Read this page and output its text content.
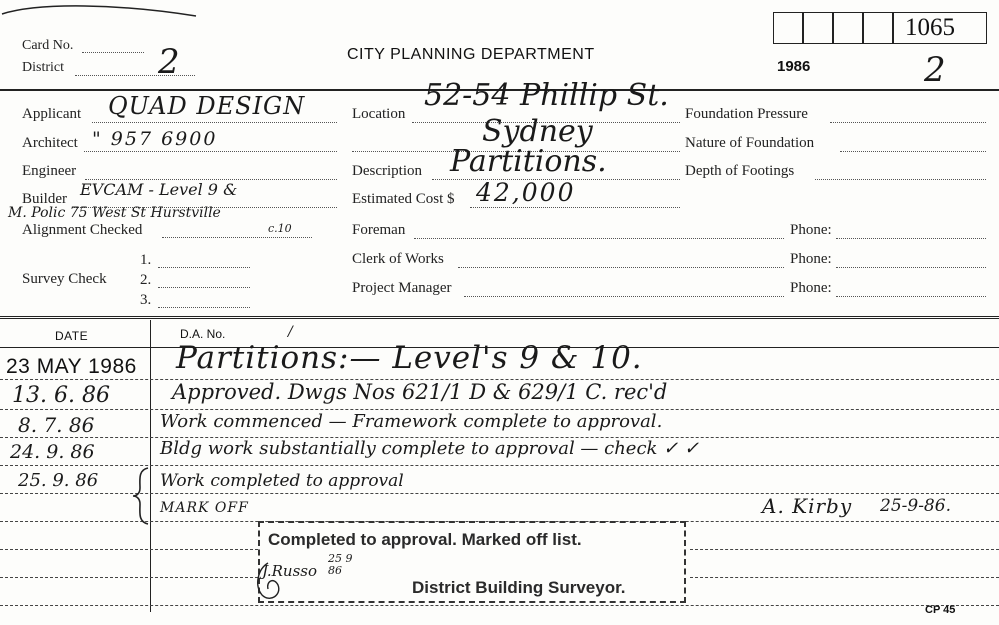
Card No.
District	2	CITY PLANNING DEPARTMENT
1986
1065
2
Applicant QUAD DESIGN
Architect " 957 6900
Engineer
Builder EVCAM - Level 9 &
M. Polic 75 West St Hurstville
Alignment Checked	c.10
Survey Check
1.
2.
3.
Location
52-54 Phillip St.
Sydney
Description Partitions.
Estimated Cost $ 42,000
Foreman	Phone:
Clerk of Works	Phone:
Project Manager	Phone:
Foundation Pressure
Nature of Foundation
Depth of Footings
DATE	D.A. No.	/
23 MAY 1986 Partitions:— Level's 9 & 10.
13. 6. 86	Approved. Dwgs Nos 621/1 D & 629/1 C. rec'd
8. 7. 86	Work commenced — Framework complete to approval.
24. 9. 86	Bldg work substantially complete to approval — check ✓ ✓
25. 9. 86	Work completed to approval
MARK OFF	A. Kirby 25-9-86.
Completed to approval. Marked off list.
District Building Surveyor.
J.Russo
25 9 86
CP 45
